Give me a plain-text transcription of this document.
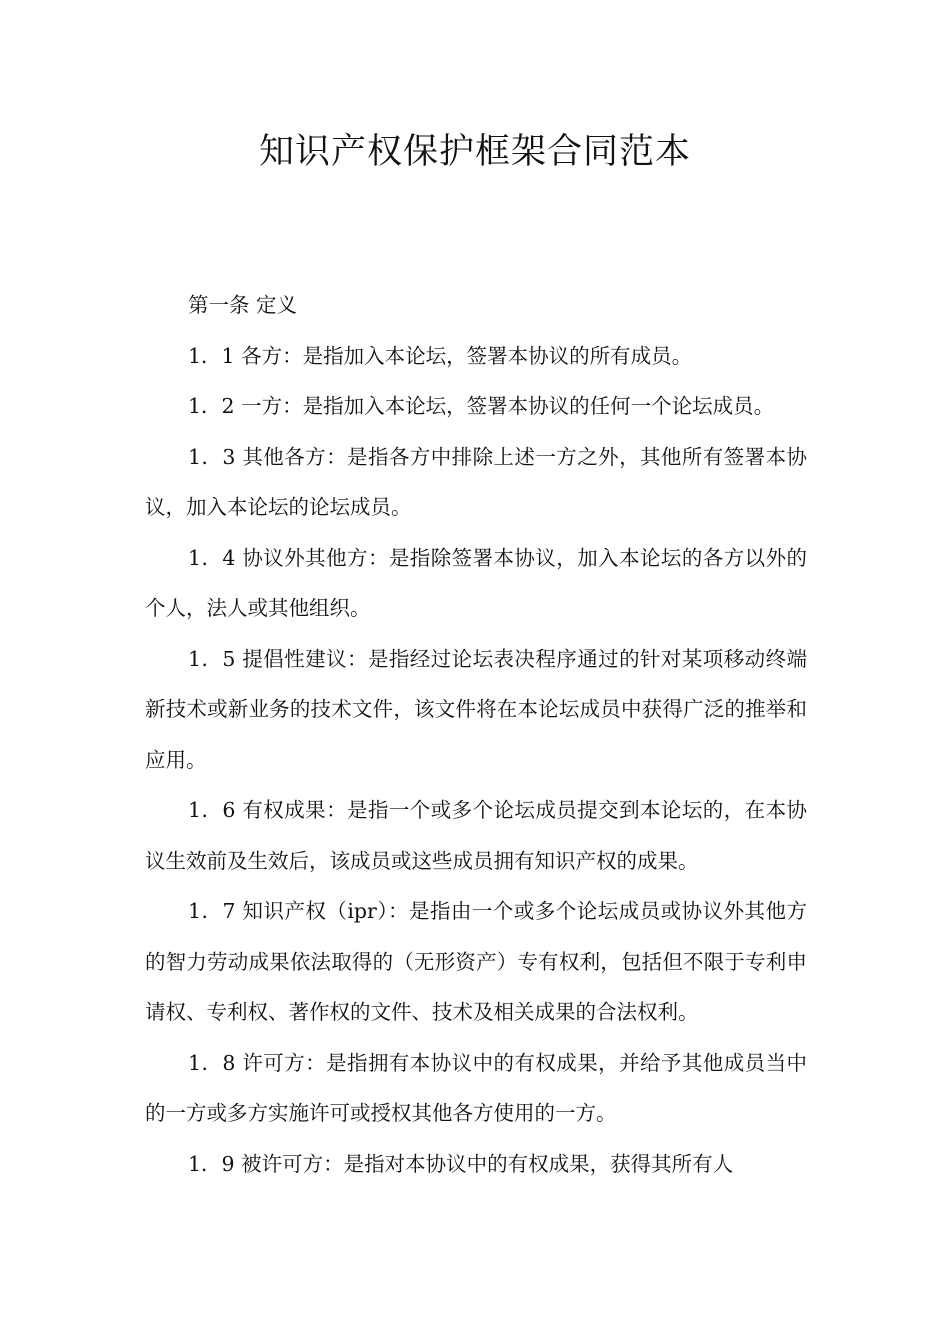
知识产权保护框架合同范本

第一条 定义

1．1 各方：是指加入本论坛，签署本协议的所有成员。

1．2 一方：是指加入本论坛，签署本协议的任何一个论坛成员。

1．3 其他各方：是指各方中排除上述一方之外，其他所有签署本协议，加入本论坛的论坛成员。

1．4 协议外其他方：是指除签署本协议，加入本论坛的各方以外的个人，法人或其他组织。

1．5 提倡性建议：是指经过论坛表决程序通过的针对某项移动终端新技术或新业务的技术文件，该文件将在本论坛成员中获得广泛的推举和应用。

1．6 有权成果：是指一个或多个论坛成员提交到本论坛的，在本协议生效前及生效后，该成员或这些成员拥有知识产权的成果。

1．7 知识产权（ipr）：是指由一个或多个论坛成员或协议外其他方的智力劳动成果依法取得的（无形资产）专有权利，包括但不限于专利申请权、专利权、著作权的文件、技术及相关成果的合法权利。

1．8 许可方：是指拥有本协议中的有权成果，并给予其他成员当中的一方或多方实施许可或授权其他各方使用的一方。

1．9 被许可方：是指对本协议中的有权成果，获得其所有人
